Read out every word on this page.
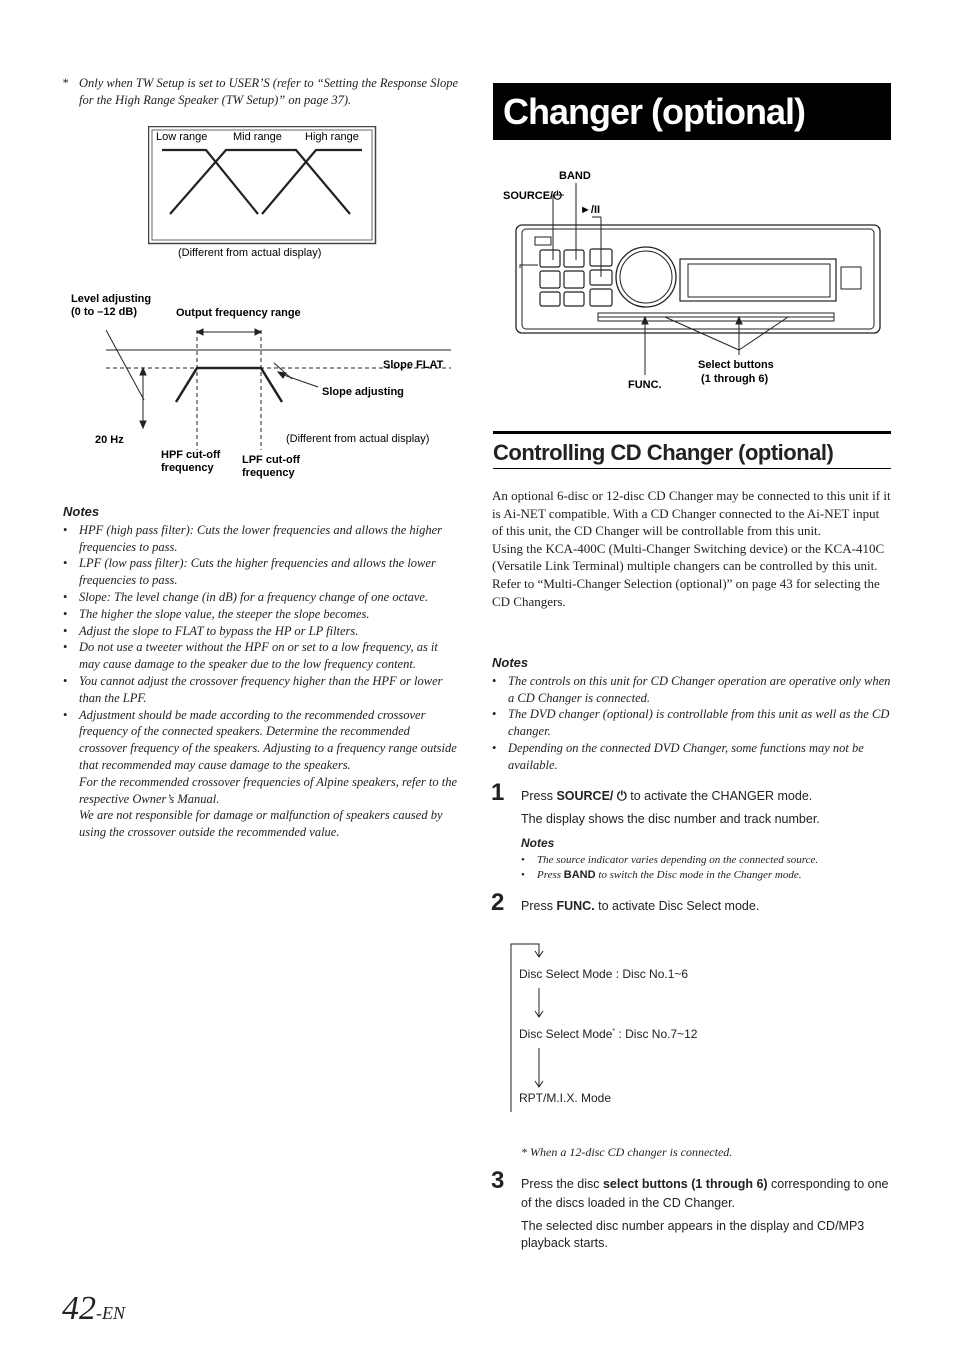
* Only when TW Setup is set to USER’S (refer to “Setting the Response Slope for the High Range Speaker (TW Setup)” on page 37).
Low range Mid range High range
(Different from actual display)
Level adjusting
(0 to –12 dB)	Output frequency range
Slope FLAT
Slope adjusting
20 Hz	(Different from actual display)
HPF cut-off
frequency
LPF cut-off
frequency
Notes
• HPF (high pass filter): Cuts the lower frequencies and allows the higher frequencies to pass.
• LPF (low pass filter): Cuts the higher frequencies and allows the lower frequencies to pass.
• Slope: The level change (in dB) for a frequency change of one octave.
• The higher the slope value, the steeper the slope becomes.
• Adjust the slope to FLAT to bypass the HP or LP filters.
• Do not use a tweeter without the HPF on or set to a low frequency, as it may cause damage to the speaker due to the low frequency content.
• You cannot adjust the crossover frequency higher than the HPF or lower than the LPF.
• Adjustment should be made according to the recommended crossover frequency of the connected speakers. Determine the recommended crossover frequency of the speakers. Adjusting to a frequency range outside that recommended may cause damage to the speakers.
For the recommended crossover frequencies of Alpine speakers, refer to the respective Owner’s Manual.
We are not responsible for damage or malfunction of speakers caused by using the crossover outside the recommended value.
Changer (optional)
BAND
SOURCE/⏻
►/II
Select buttons
(1 through 6)
FUNC.
Controlling CD Changer (optional)

An optional 6-disc or 12-disc CD Changer may be connected to this unit if it is Ai-NET compatible. With a CD Changer connected to the Ai-NET input of this unit, the CD Changer will be controllable from this unit.

Using the KCA-400C (Multi-Changer Switching device) or the KCA-410C (Versatile Link Terminal) multiple changers can be controlled by this unit.

Refer to “Multi-Changer Selection (optional)” on page 43 for selecting the CD Changers.

Notes
• The controls on this unit for CD Changer operation are operative only when a CD Changer is connected.
• The DVD changer (optional) is controllable from this unit as well as the CD changer.
• Depending on the connected DVD Changer, some functions may not be available.
1 Press SOURCE/ ⏻ to activate the CHANGER mode.
The display shows the disc number and track number.
Notes
• The source indicator varies depending on the connected source.
• Press BAND to switch the Disc mode in the Changer mode.
2 Press FUNC. to activate Disc Select mode.
Disc Select Mode : Disc No.1~6
Disc Select Mode* : Disc No.7~12
RPT/M.I.X. Mode
* When a 12-disc CD changer is connected.
3 Press the disc select buttons (1 through 6) corresponding to one of the discs loaded in the CD Changer.
The selected disc number appears in the display and CD/MP3 playback starts.
42-EN
